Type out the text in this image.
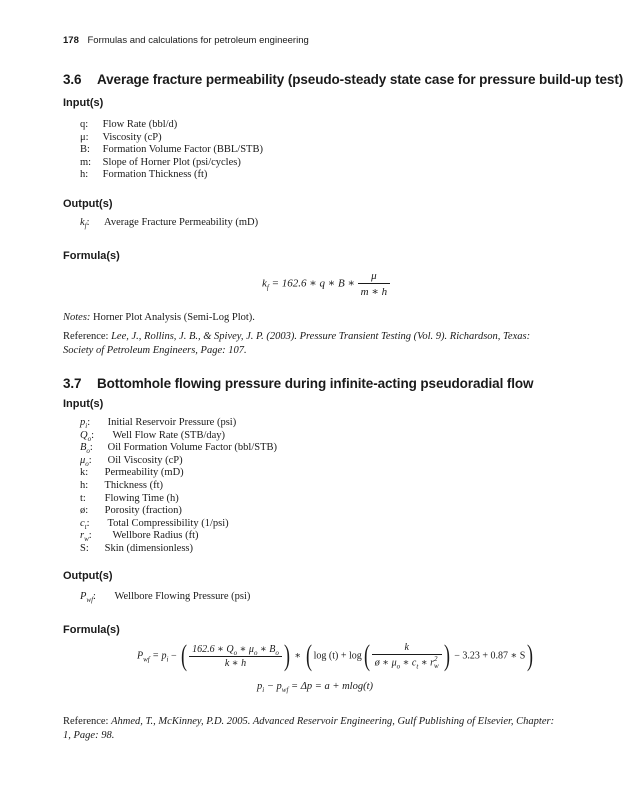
178 Formulas and calculations for petroleum engineering
3.6 Average fracture permeability (pseudo-steady state case for pressure build-up test)
Input(s)
q: Flow Rate (bbl/d)
μ: Viscosity (cP)
B: Formation Volume Factor (BBL/STB)
m: Slope of Horner Plot (psi/cycles)
h: Formation Thickness (ft)
Output(s)
$k_f$: Average Fracture Permeability (mD)
Formula(s)
$k_f = 162.6$ ∗ q ∗ B ∗ $\frac{\mu}{m ∗ h}$
Notes: Horner Plot Analysis (Semi-Log Plot).
Reference: Lee, J., Rollins, J. B., & Spivey, J. P. (2003). Pressure Transient Testing (Vol. 9). Richardson, Texas: Society of Petroleum Engineers, Page: 107.
3.7 Bottomhole flowing pressure during infinite-acting pseudoradial flow
Input(s)
$p_i$: Initial Reservoir Pressure (psi)
$Q_o$: Well Flow Rate (STB/day)
$B_o$: Oil Formation Volume Factor (bbl/STB)
$\mu_o$: Oil Viscosity (cP)
k: Permeability (mD)
h: Thickness (ft)
t: Flowing Time (h)
ø: Porosity (fraction)
$c_t$: Total Compressibility (1/psi)
$r_w$: Wellbore Radius (ft)
S: Skin (dimensionless)
Output(s)
$P_{wf}$: Wellbore Flowing Pressure (psi)
Formula(s)
$P_{wf} = p_i$ − ( $\frac{162.6 ∗ Q_o ∗ \mu_o ∗ B_o}{k ∗ h}$ ) ∗ ( log (t) + log( k
ø ∗ $\mu_o$ ∗ $c_t$ ∗ r 2
w ) − 3.23 + 0.87 ∗ S)
$p_i - p_{wf} = \Delta p = a + mlog(t)$
Reference: Ahmed, T., McKinney, P.D. 2005. Advanced Reservoir Engineering, Gulf Publishing of Elsevier, Chapter: 1, Page: 98.
